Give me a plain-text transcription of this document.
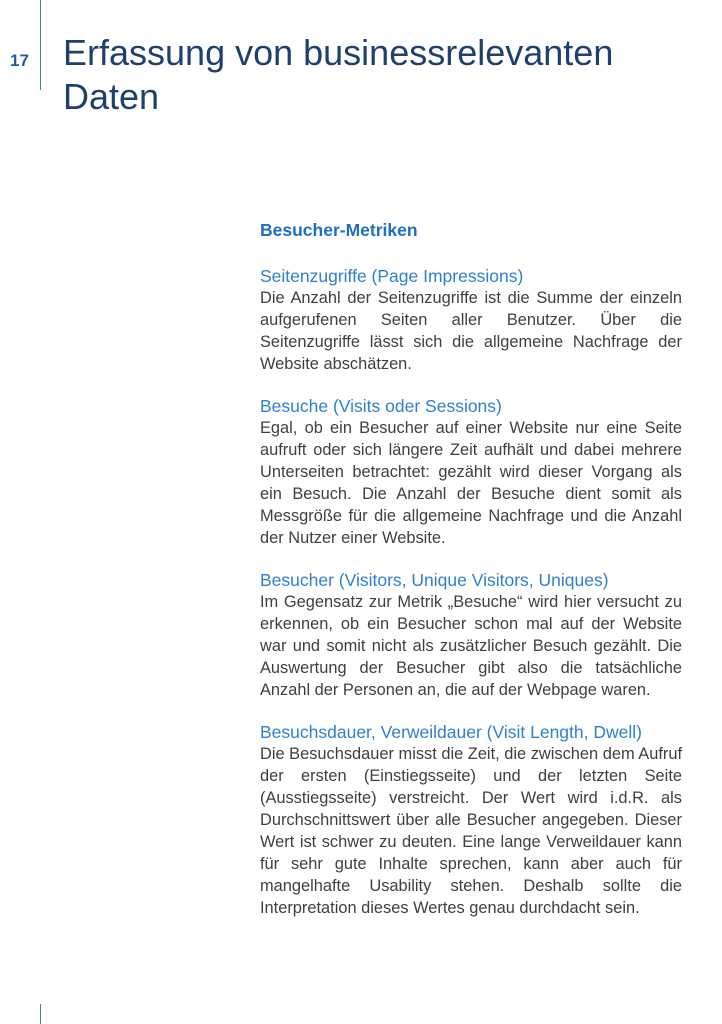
17 Erfassung von businessrelevanten Daten
Besucher-Metriken
Seitenzugriffe (Page Impressions)

Die Anzahl der Seitenzugriffe ist die Summe der einzeln aufgerufenen Seiten aller Benutzer. Über die Seitenzugriffe lässt sich die allgemeine Nachfrage der Website abschätzen.

Besuche (Visits oder Sessions)

Egal, ob ein Besucher auf einer Website nur eine Seite aufruft oder sich längere Zeit aufhält und dabei mehrere Unterseiten betrachtet: gezählt wird dieser Vorgang als ein Besuch. Die Anzahl der Besuche dient somit als Messgröße für die allgemeine Nachfrage und die Anzahl der Nutzer einer Website.

Besucher (Visitors, Unique Visitors, Uniques)

Im Gegensatz zur Metrik „Besuche“ wird hier versucht zu erkennen, ob ein Besucher schon mal auf der Website war und somit nicht als zusätzlicher Besuch gezählt. Die Auswertung der Besucher gibt also die tatsächliche Anzahl der Personen an, die auf der Webpage waren.

Besuchsdauer, Verweildauer (Visit Length, Dwell)

Die Besuchsdauer misst die Zeit, die zwischen dem Aufruf der ersten (Einstiegsseite) und der letzten Seite (Ausstiegsseite) verstreicht. Der Wert wird i.d.R. als Durchschnittswert über alle Besucher angegeben. Dieser Wert ist schwer zu deuten. Eine lange Verweildauer kann für sehr gute Inhalte sprechen, kann aber auch für mangelhafte Usability stehen. Deshalb sollte die Interpretation dieses Wertes genau durchdacht sein.
